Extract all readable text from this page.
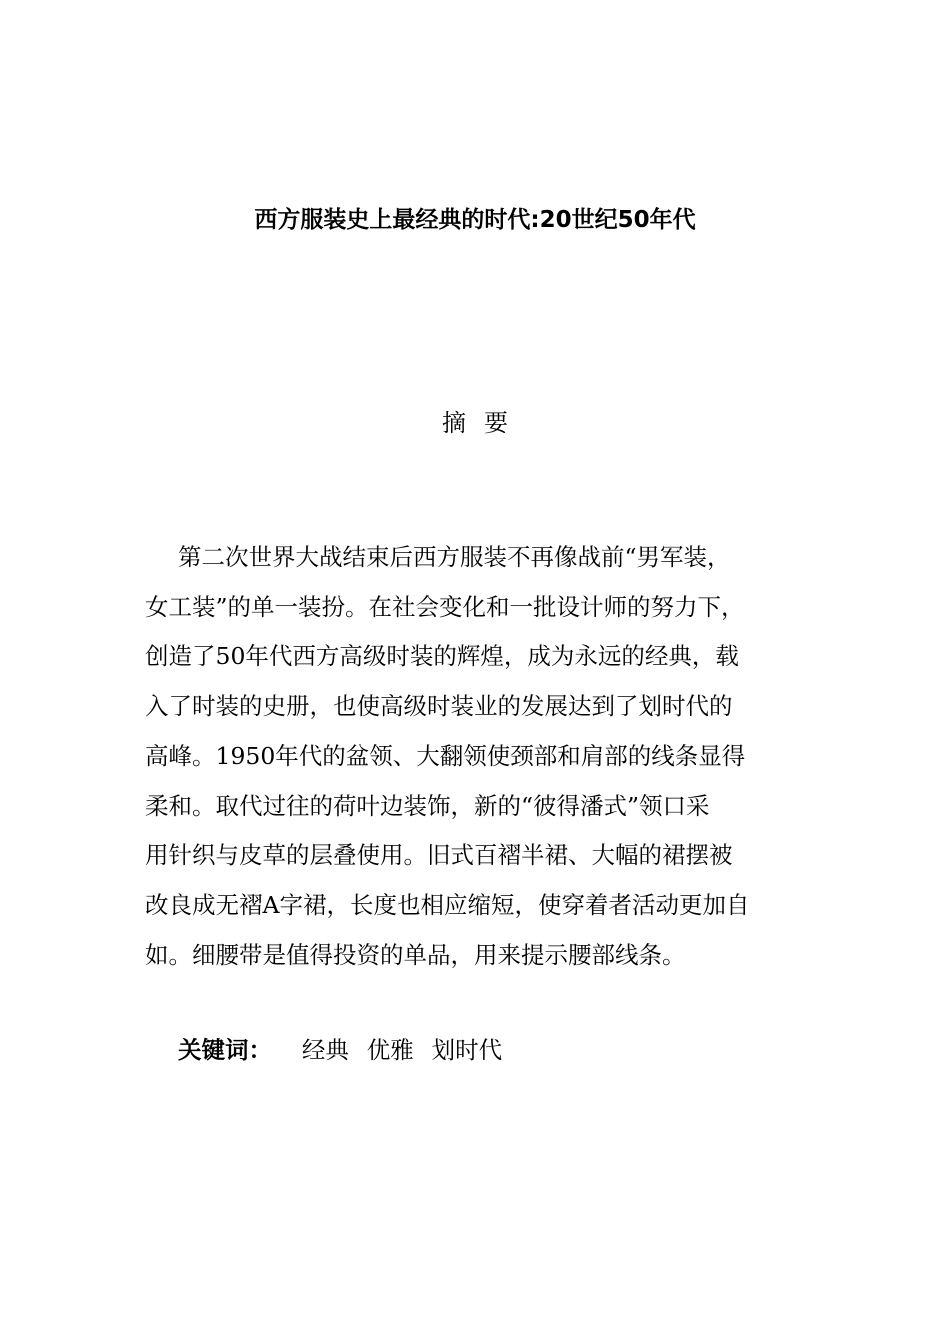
西方服装史上最经典的时代:20世纪50年代
摘要
第二次世界大战结束后西方服装不再像战前“男军装，
女工装”的单一装扮。在社会变化和一批设计师的努力下，
创造了50年代西方高级时装的辉煌，成为永远的经典，载
入了时装的史册，也使高级时装业的发展达到了划时代的
高峰。1950年代的盆领、大翻领使颈部和肩部的线条显得
柔和。取代过往的荷叶边装饰，新的“彼得潘式”领口采
用针织与皮草的层叠使用。旧式百褶半裙、大幅的裙摆被
改良成无褶A字裙，长度也相应缩短，使穿着者活动更加自
如。细腰带是值得投资的单品，用来提示腰部线条。
关键词： 经典 优雅 划时代
